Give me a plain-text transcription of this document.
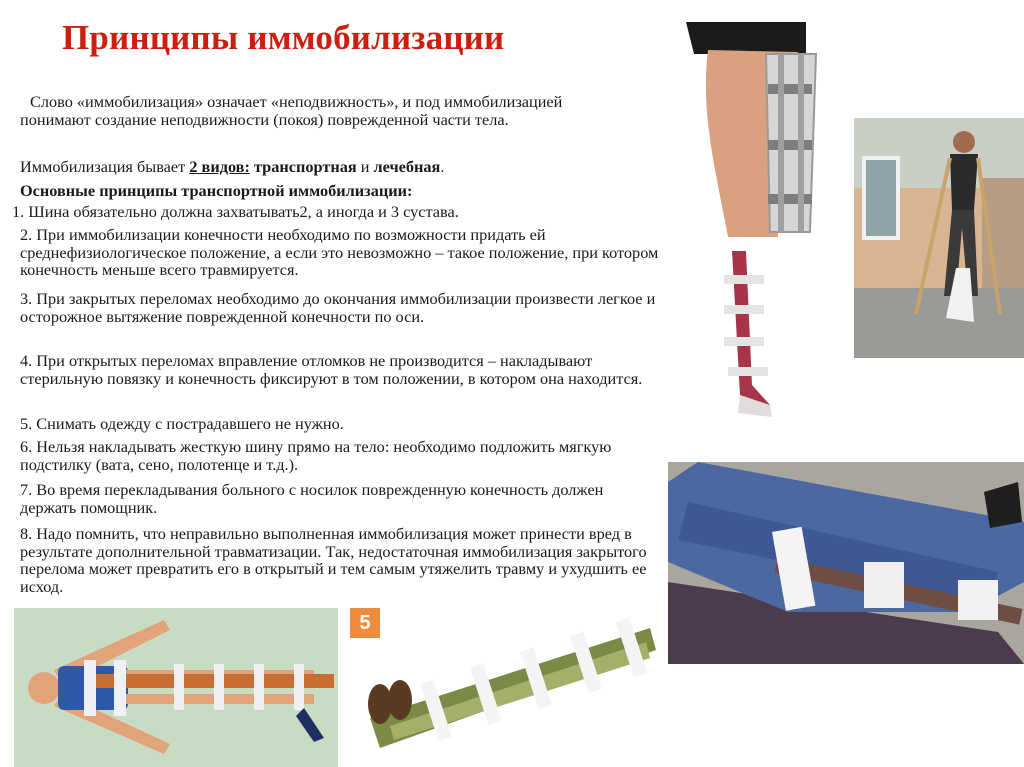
Принципы иммобилизации
Слово «иммобилизация» означает «неподвижность», и под иммобилизацией понимают создание неподвижности (покоя) поврежденной части тела.
Иммобилизация бывает 2 видов: транспортная и лечебная.
Основные принципы транспортной иммобилизации:
1. Шина обязательно должна захватывать2, а иногда и 3 сустава.
2. При иммобилизации конечности необходимо по возможности придать ей среднефизиологическое положение, а если это невозможно – такое положение, при котором конечность меньше всего травмируется.
3. При закрытых переломах необходимо до окончания иммобилизации произвести легкое и осторожное вытяжение поврежденной конечности по оси.
4. При открытых переломах вправление отломков не производится – накладывают стерильную повязку и конечность фиксируют в том положении, в котором она находится.
5. Снимать одежду с пострадавшего не нужно.
6. Нельзя накладывать жесткую шину прямо на тело: необходимо подложить мягкую подстилку (вата, сено, полотенце и т.д.).
7. Во время перекладывания больного с носилок поврежденную конечность должен держать помощник.
8. Надо помнить, что неправильно выполненная иммобилизация может принести вред в результате дополнительной травматизации. Так, недостаточная иммобилизация закрытого перелома может превратить его в открытый и тем самым утяжелить травму и ухудшить ее исход.
5
